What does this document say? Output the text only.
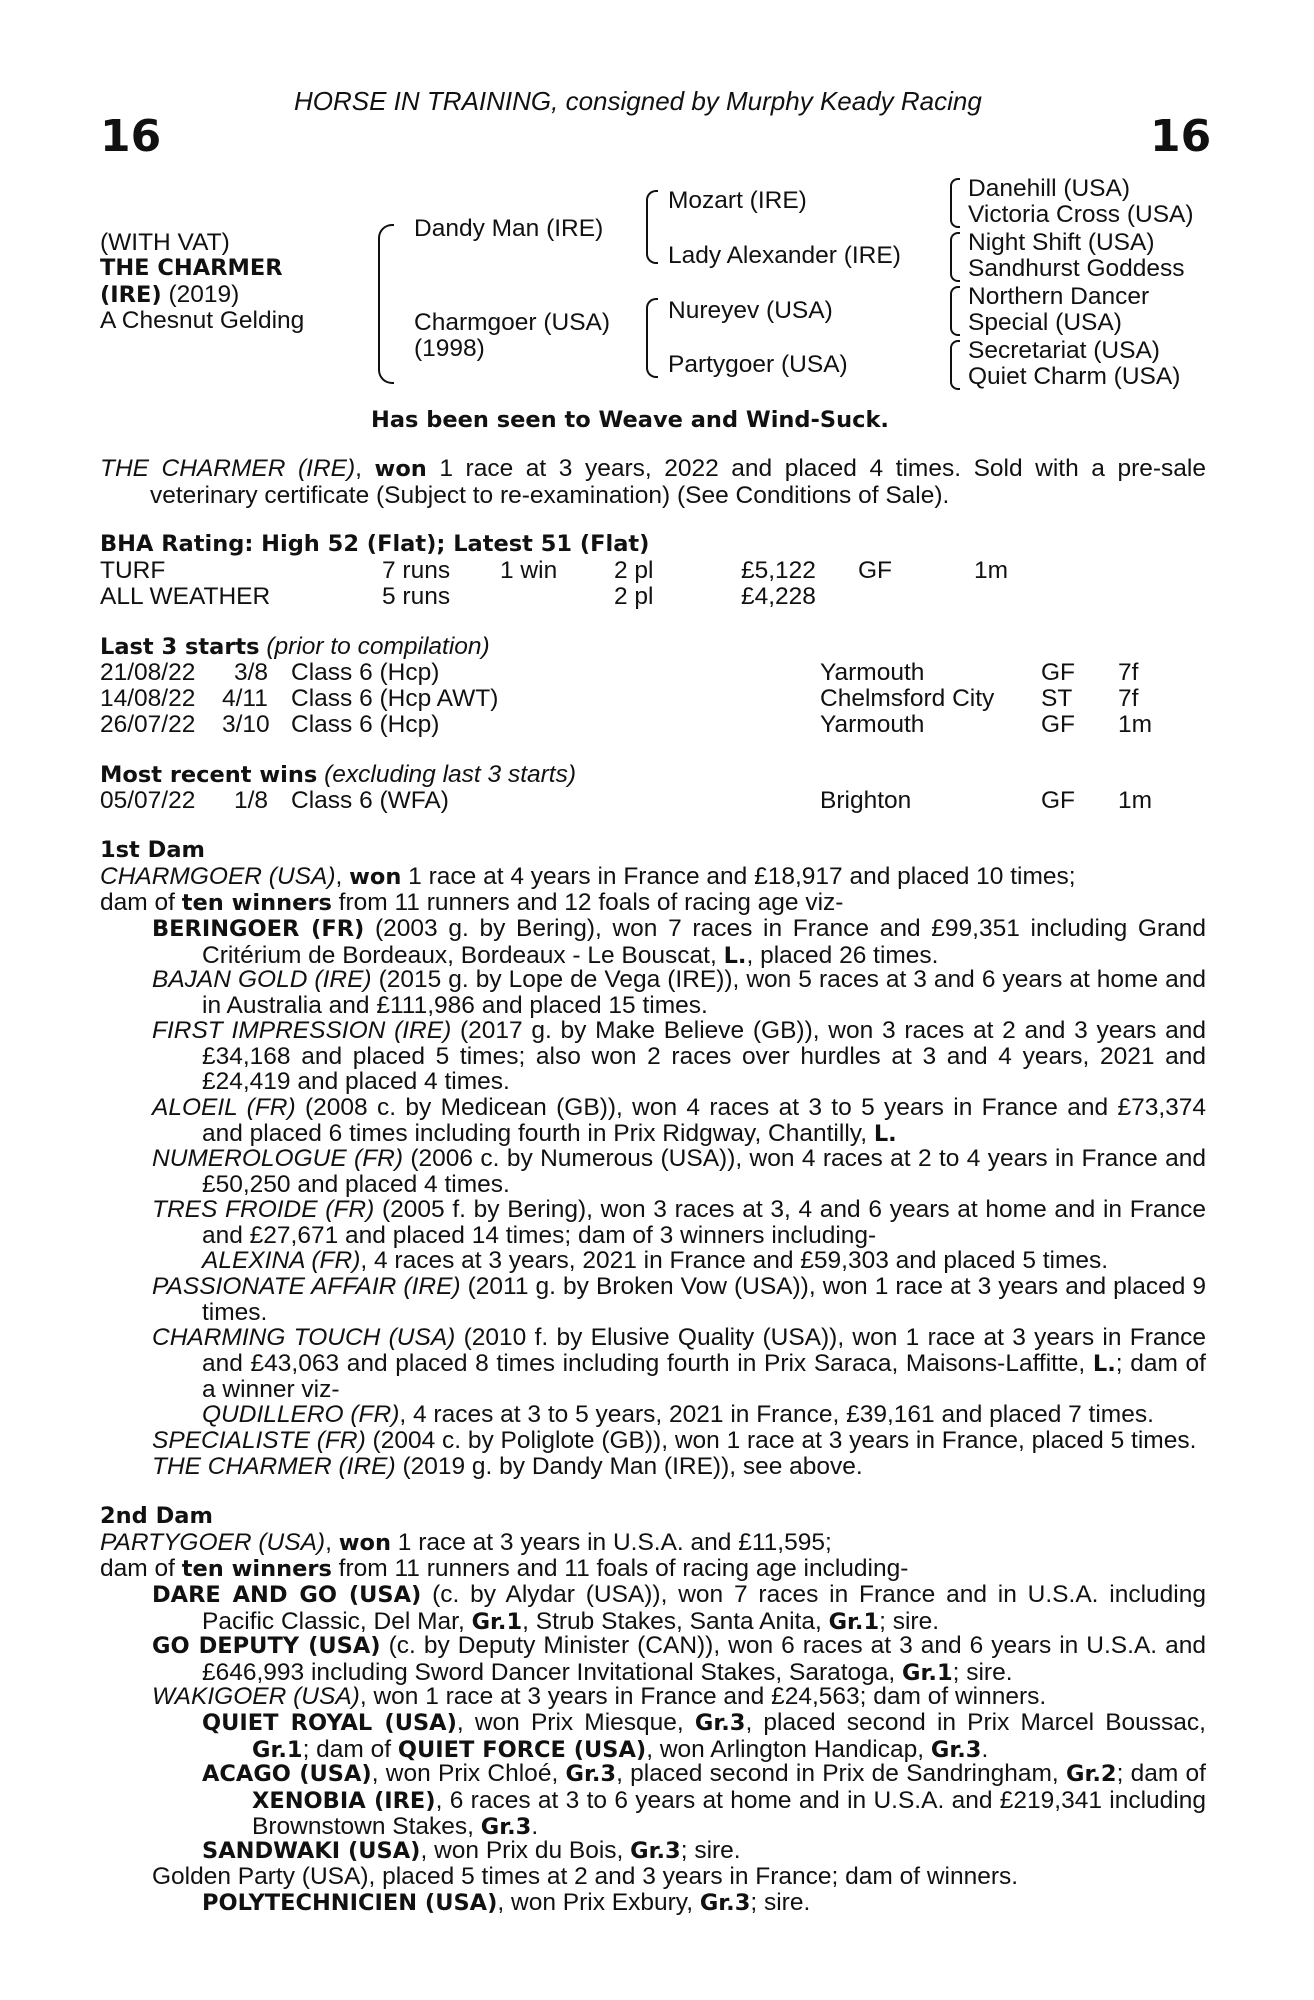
HORSE IN TRAINING, consigned by Murphy Keady Racing
16	16
(WITH VAT)
THE CHARMER
(IRE) (2019)
A Chesnut Gelding
Dandy Man (IRE)
Charmgoer (USA)
(1998)
Mozart (IRE)
Lady Alexander (IRE)
Nureyev (USA)
Partygoer (USA)
Danehill (USA)
Victoria Cross (USA)
Night Shift (USA)
Sandhurst Goddess
Northern Dancer
Special (USA)
Secretariat (USA)
Quiet Charm (USA)
Has been seen to Weave and Wind-Suck.
THE CHARMER (IRE), won 1 race at 3 years, 2022 and placed 4 times. Sold with a pre-sale veterinary certificate (Subject to re-examination) (See Conditions of Sale).
BHA Rating: High 52 (Flat); Latest 51 (Flat)
TURF	7 runs 1 win 2 pl	£5,122 GF	1m
ALL WEATHER	5 runs	2 pl	£4,228
Last 3 starts (prior to compilation)
21/08/22 3/8 Class 6 (Hcp)	Yarmouth	GF 7f
14/08/22 4/11 Class 6 (Hcp AWT)	Chelmsford City ST 7f
26/07/22 3/10 Class 6 (Hcp)	Yarmouth	GF 1m
Most recent wins (excluding last 3 starts)
05/07/22 1/8 Class 6 (WFA)	Brighton	GF 1m
1st Dam
CHARMGOER (USA), won 1 race at 4 years in France and £18,917 and placed 10 times;
dam of ten winners from 11 runners and 12 foals of racing age viz-
BERINGOER (FR) (2003 g. by Bering), won 7 races in France and £99,351 including Grand Critérium de Bordeaux, Bordeaux - Le Bouscat, L., placed 26 times.
BAJAN GOLD (IRE) (2015 g. by Lope de Vega (IRE)), won 5 races at 3 and 6 years at home and in Australia and £111,986 and placed 15 times.
FIRST IMPRESSION (IRE) (2017 g. by Make Believe (GB)), won 3 races at 2 and 3 years and £34,168 and placed 5 times; also won 2 races over hurdles at 3 and 4 years, 2021 and £24,419 and placed 4 times.
ALOEIL (FR) (2008 c. by Medicean (GB)), won 4 races at 3 to 5 years in France and £73,374 and placed 6 times including fourth in Prix Ridgway, Chantilly, L.
NUMEROLOGUE (FR) (2006 c. by Numerous (USA)), won 4 races at 2 to 4 years in France and £50,250 and placed 4 times.
TRES FROIDE (FR) (2005 f. by Bering), won 3 races at 3, 4 and 6 years at home and in France and £27,671 and placed 14 times; dam of 3 winners including-
ALEXINA (FR), 4 races at 3 years, 2021 in France and £59,303 and placed 5 times.
PASSIONATE AFFAIR (IRE) (2011 g. by Broken Vow (USA)), won 1 race at 3 years and placed 9 times.
CHARMING TOUCH (USA) (2010 f. by Elusive Quality (USA)), won 1 race at 3 years in France and £43,063 and placed 8 times including fourth in Prix Saraca, Maisons-Laffitte, L.; dam of a winner viz-
QUDILLERO (FR), 4 races at 3 to 5 years, 2021 in France, £39,161 and placed 7 times.
SPECIALISTE (FR) (2004 c. by Poliglote (GB)), won 1 race at 3 years in France, placed 5 times.
THE CHARMER (IRE) (2019 g. by Dandy Man (IRE)), see above.
2nd Dam
PARTYGOER (USA), won 1 race at 3 years in U.S.A. and £11,595;
dam of ten winners from 11 runners and 11 foals of racing age including-
DARE AND GO (USA) (c. by Alydar (USA)), won 7 races in France and in U.S.A. including Pacific Classic, Del Mar, Gr.1, Strub Stakes, Santa Anita, Gr.1; sire.
GO DEPUTY (USA) (c. by Deputy Minister (CAN)), won 6 races at 3 and 6 years in U.S.A. and £646,993 including Sword Dancer Invitational Stakes, Saratoga, Gr.1; sire.
WAKIGOER (USA), won 1 race at 3 years in France and £24,563; dam of winners.
QUIET ROYAL (USA), won Prix Miesque, Gr.3, placed second in Prix Marcel Boussac, Gr.1; dam of QUIET FORCE (USA), won Arlington Handicap, Gr.3.
ACAGO (USA), won Prix Chloé, Gr.3, placed second in Prix de Sandringham, Gr.2; dam of XENOBIA (IRE), 6 races at 3 to 6 years at home and in U.S.A. and £219,341 including Brownstown Stakes, Gr.3.
SANDWAKI (USA), won Prix du Bois, Gr.3; sire.
Golden Party (USA), placed 5 times at 2 and 3 years in France; dam of winners.
POLYTECHNICIEN (USA), won Prix Exbury, Gr.3; sire.
